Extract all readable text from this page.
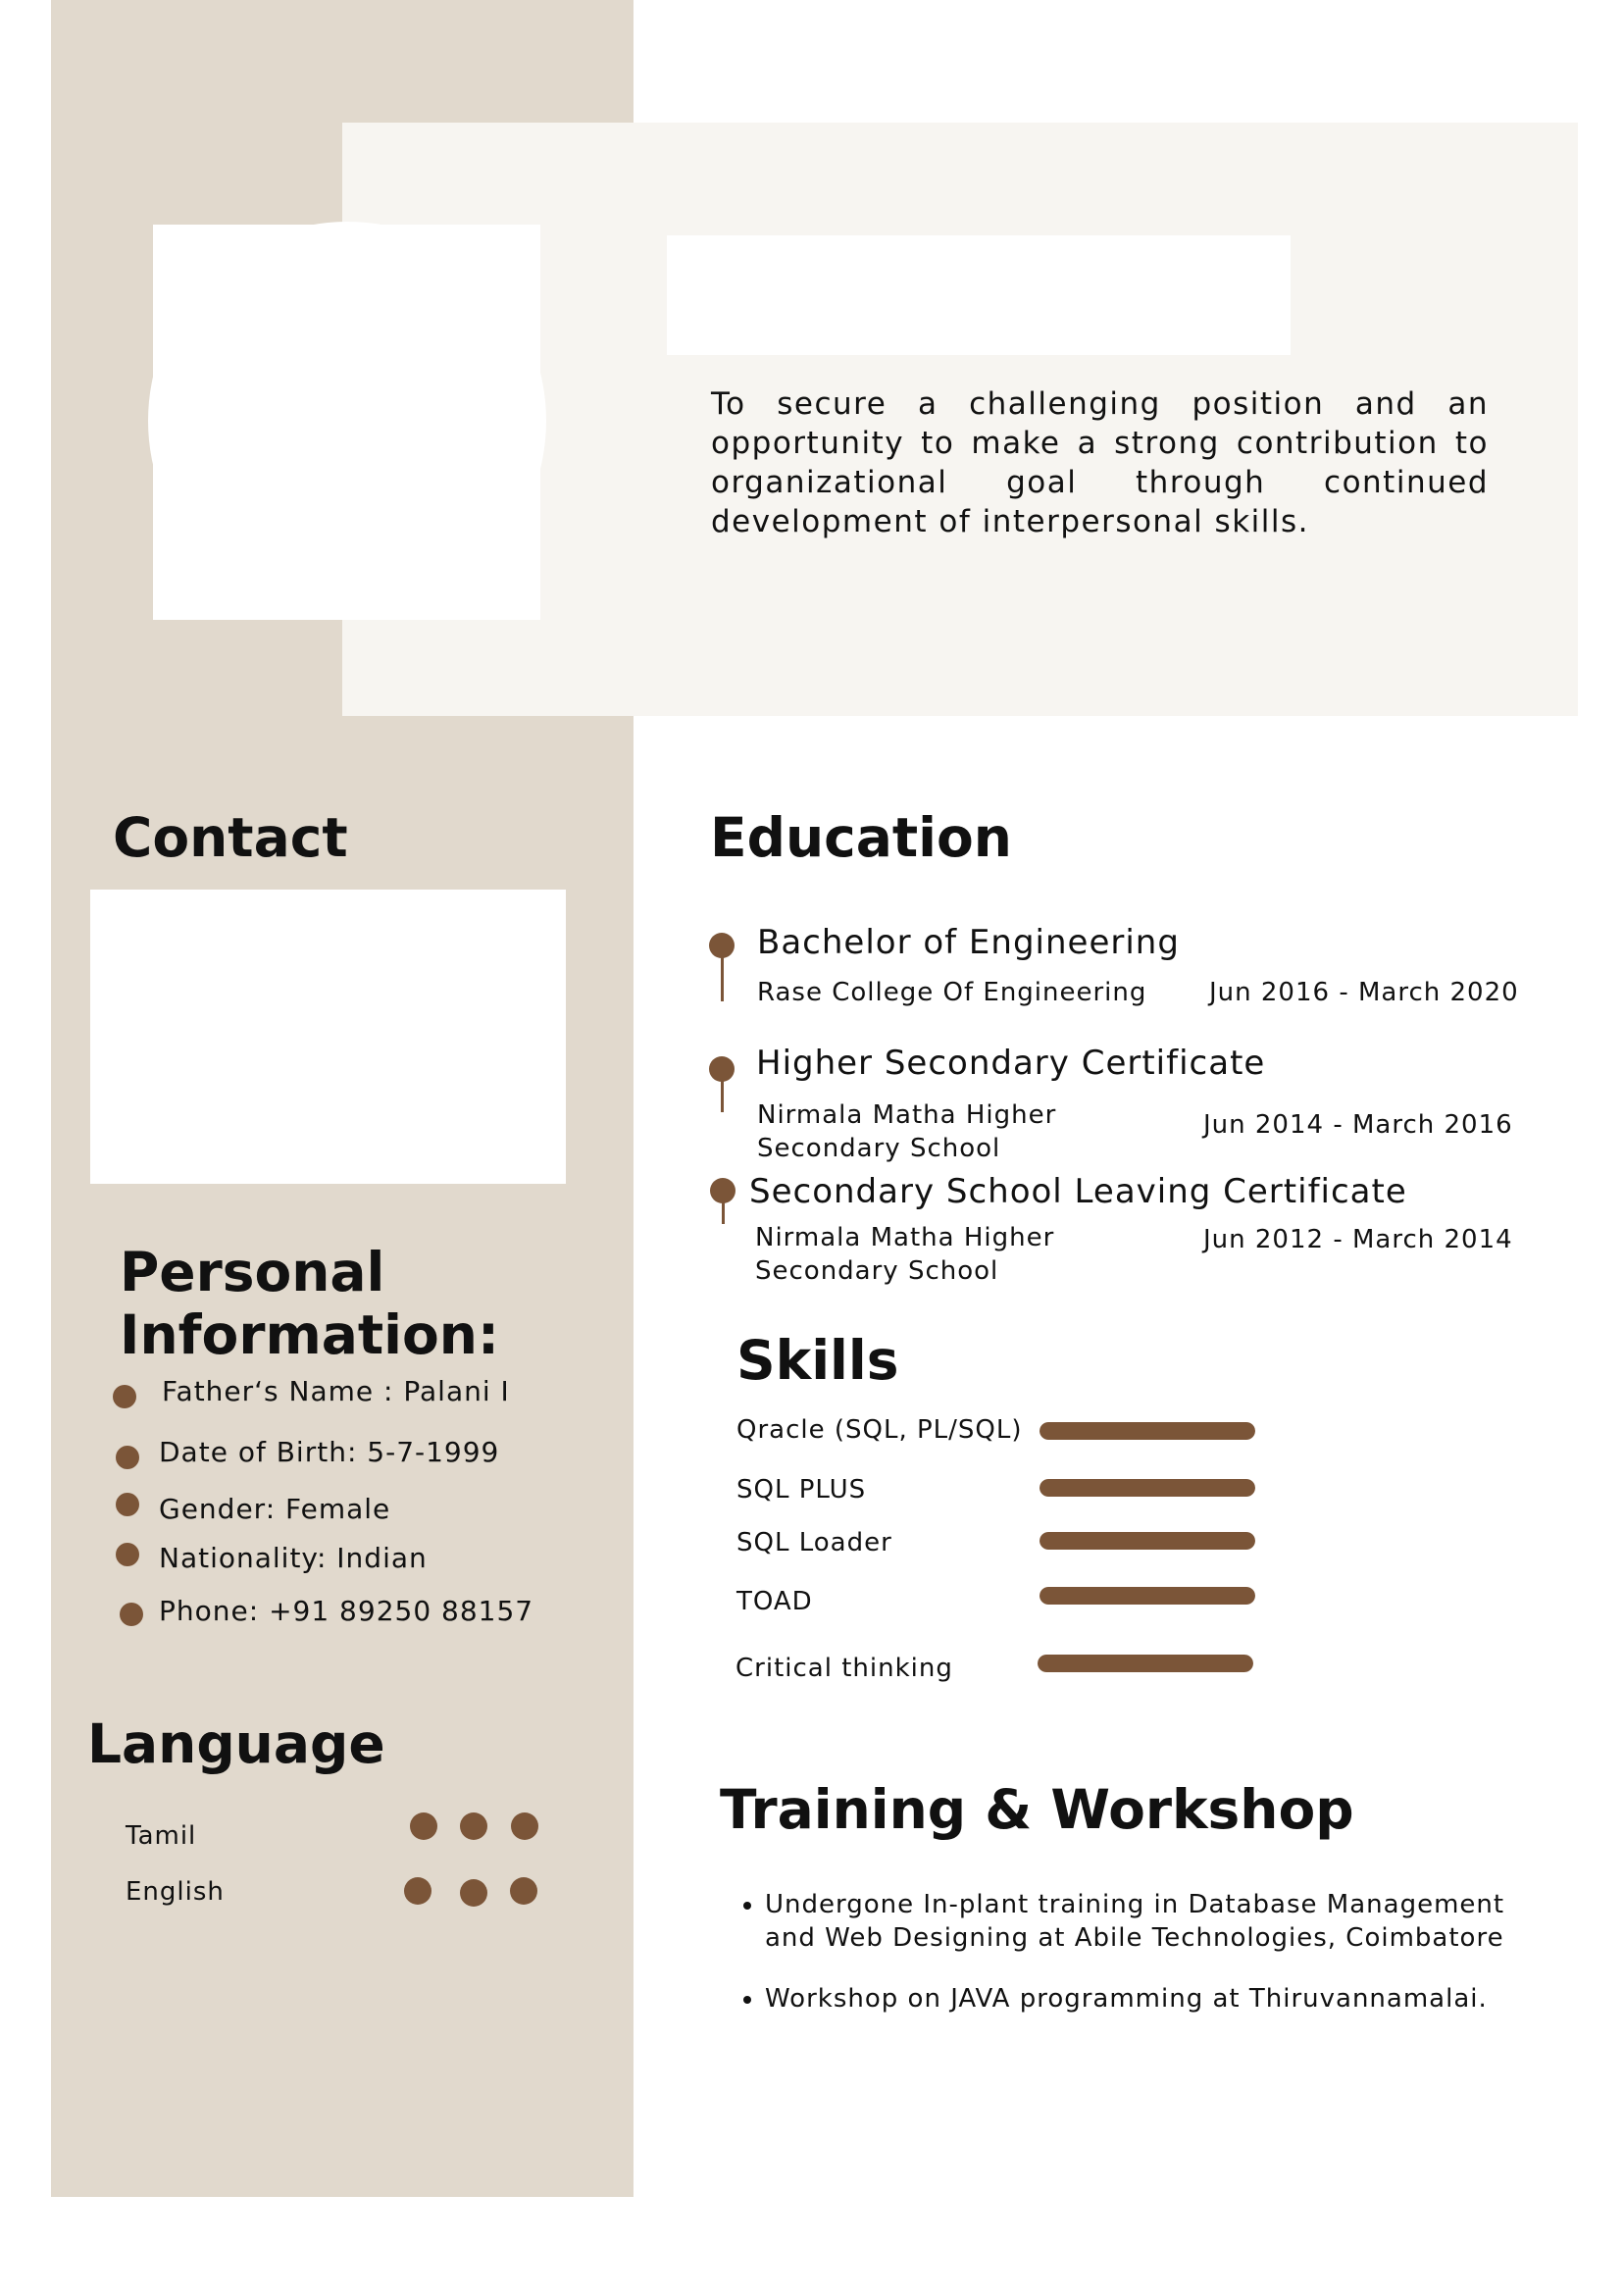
To secure a challenging position and an opportunity to make a strong contribution to organizational goal through continued development of interpersonal skills.

Contact
Personal Information:
Father‘s Name : Palani I
Date of Birth: 5-7-1999
Gender: Female
Nationality: Indian
Phone: +91 89250 88157
Language
Tamil
English
Education
Bachelor of Engineering
Rase College Of Engineering	Jun 2016 - March 2020
Higher Secondary Certificate
Nirmala Matha Higher Secondary School
Jun 2014 - March 2016
Secondary School Leaving Certificate
Nirmala Matha Higher Secondary School
Jun 2012 - March 2014
Skills
Qracle (SQL, PL/SQL)
SQL PLUS
SQL Loader
TOAD
Critical thinking
Training & Workshop
• Undergone In-plant training in Database Management and Web Designing at Abile Technologies, Coimbatore
• Workshop on JAVA programming at Thiruvannamalai.
